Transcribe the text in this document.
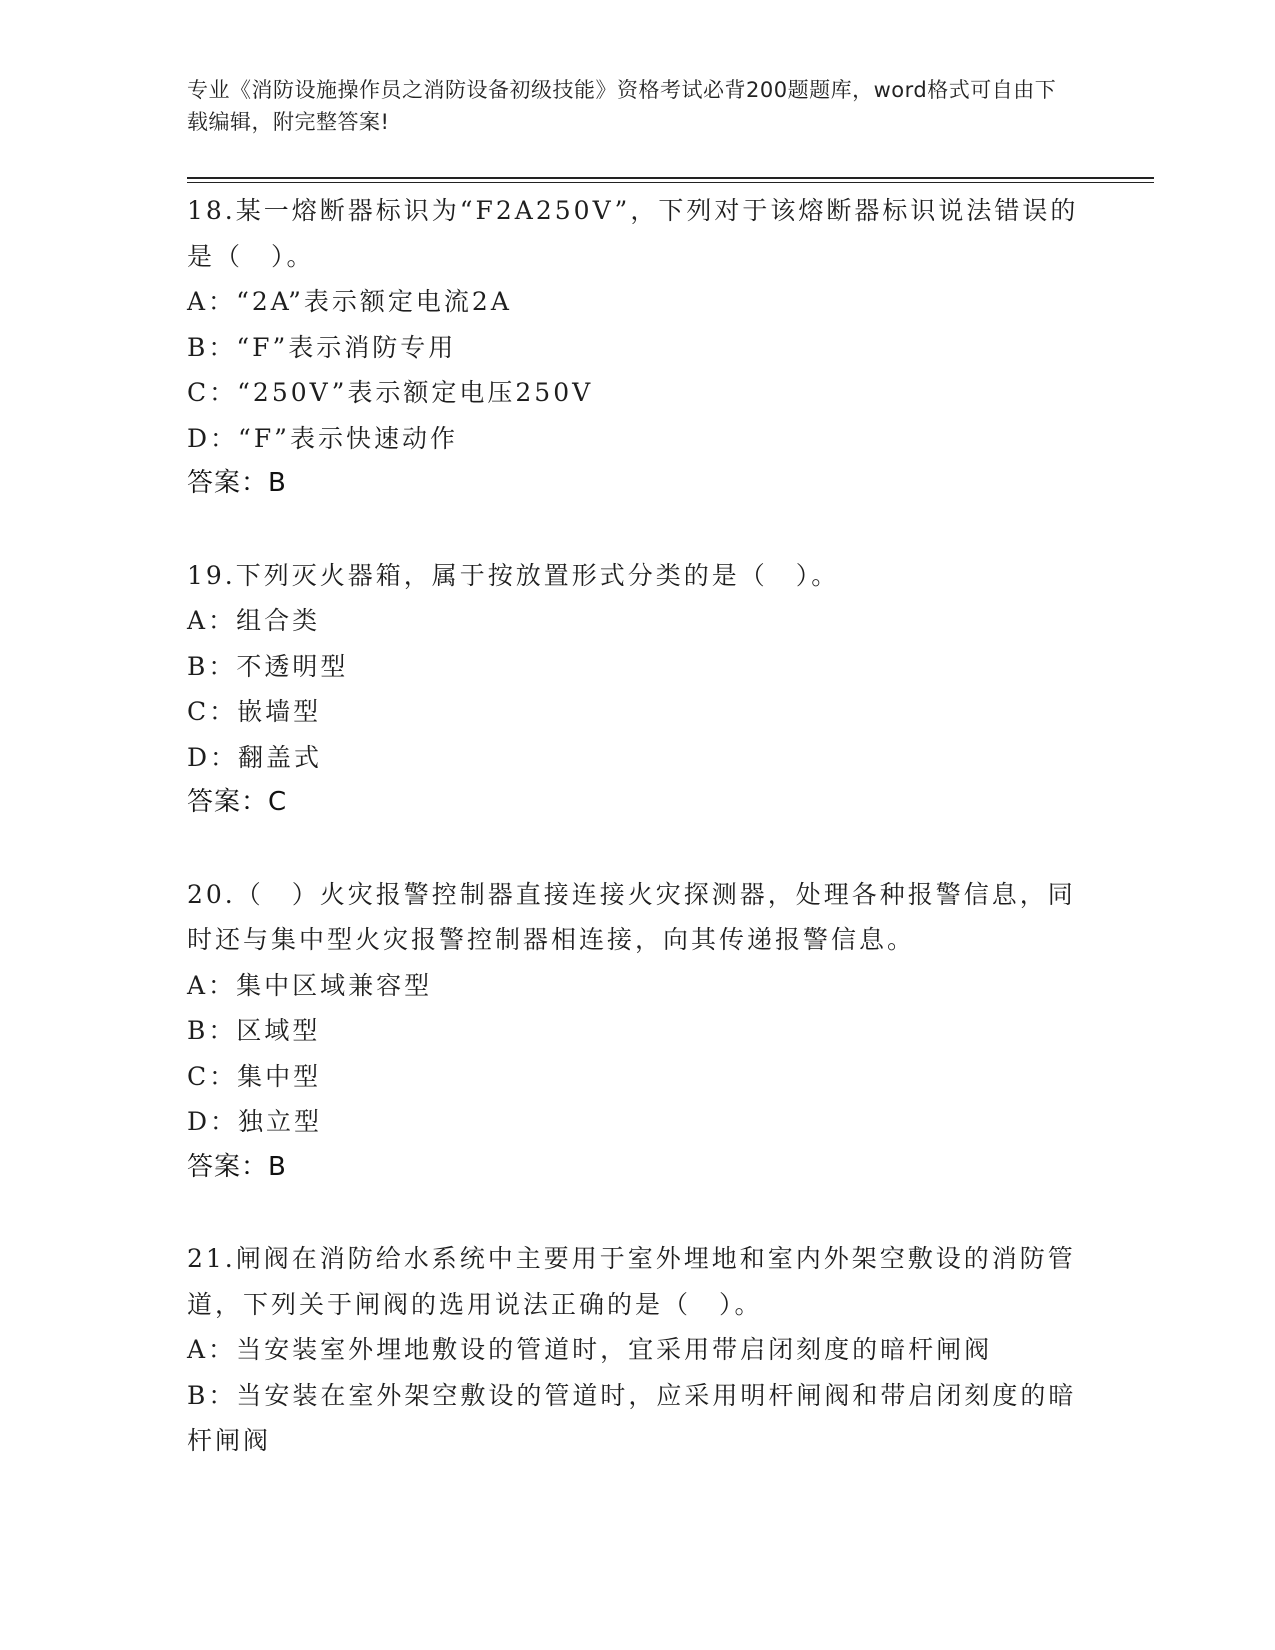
专业《消防设施操作员之消防设备初级技能》资格考试必背200题题库，word格式可自由下载编辑，附完整答案!
18.某一熔断器标识为“F2A250V”，下列对于该熔断器标识说法错误的是（　）。
A：“2A”表示额定电流2A
B：“F”表示消防专用
C：“250V”表示额定电压250V
D：“F”表示快速动作
答案：B
19.下列灭火器箱，属于按放置形式分类的是（　）。
A：组合类
B：不透明型
C：嵌墙型
D：翻盖式
答案：C
20.（　）火灾报警控制器直接连接火灾探测器，处理各种报警信息，同时还与集中型火灾报警控制器相连接，向其传递报警信息。
A：集中区域兼容型
B：区域型
C：集中型
D：独立型
答案：B
21.闸阀在消防给水系统中主要用于室外埋地和室内外架空敷设的消防管道，下列关于闸阀的选用说法正确的是（　）。
A：当安装室外埋地敷设的管道时，宜采用带启闭刻度的暗杆闸阀
B：当安装在室外架空敷设的管道时，应采用明杆闸阀和带启闭刻度的暗杆闸阀
